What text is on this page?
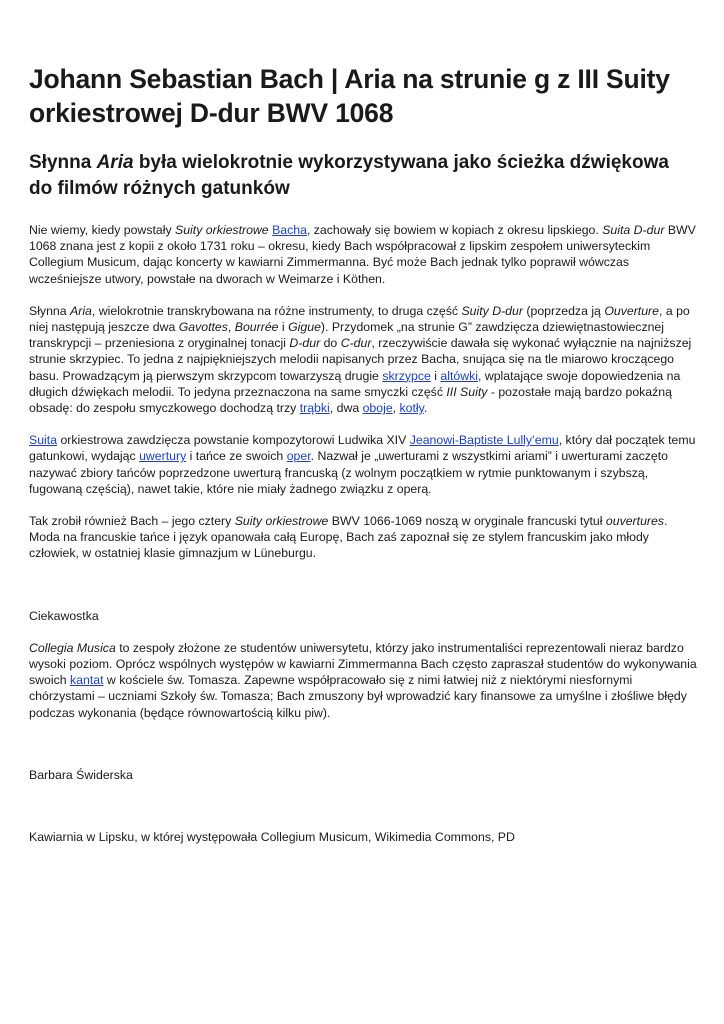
Johann Sebastian Bach | Aria na strunie g z III Suity orkiestrowej D-dur BWV 1068
Słynna Aria była wielokrotnie wykorzystywana jako ścieżka dźwiękowa do filmów różnych gatunków

Nie wiemy, kiedy powstały Suity orkiestrowe Bacha, zachowały się bowiem w kopiach z okresu lipskiego. Suita D-dur BWV 1068 znana jest z kopii z około 1731 roku – okresu, kiedy Bach współpracował z lipskim zespołem uniwersyteckim Collegium Musicum, dając koncerty w kawiarni Zimmermanna. Być może Bach jednak tylko poprawił wówczas wcześniejsze utwory, powstałe na dworach w Weimarze i Köthen.

Słynna Aria, wielokrotnie transkrybowana na różne instrumenty, to druga część Suity D-dur (poprzedza ją Ouverture, a po niej następują jeszcze dwa Gavottes, Bourrée i Gigue). Przydomek „na strunie G” zawdzięcza dziewiętnastowiecznej transkrypcji – przeniesiona z oryginalnej tonacji D-dur do C-dur, rzeczywiście dawała się wykonać wyłącznie na najniższej strunie skrzypiec. To jedna z najpiękniejszych melodii napisanych przez Bacha, snująca się na tle miarowo kroczącego basu. Prowadzącym ją pierwszym skrzypcom towarzyszą drugie skrzypce i altówki, wplatające swoje dopowiedzenia na długich dźwiękach melodii. To jedyna przeznaczona na same smyczki część III Suity - pozostałe mają bardzo pokaźną obsadę: do zespołu smyczkowego dochodzą trzy trąbki, dwa oboje, kotły.

Suita orkiestrowa zawdzięcza powstanie kompozytorowi Ludwika XIV Jeanowi-Baptiste Lully’emu, który dał początek temu gatunkowi, wydając uwertury i tańce ze swoich oper. Nazwał je „uwerturami z wszystkimi ariami” i uwerturami zaczęto nazywać zbiory tańców poprzedzone uwerturą francuską (z wolnym początkiem w rytmie punktowanym i szybszą, fugowaną częścią), nawet takie, które nie miały żadnego związku z operą.

Tak zrobił również Bach – jego cztery Suity orkiestrowe BWV 1066-1069 noszą w oryginale francuski tytuł ouvertures. Moda na francuskie tańce i język opanowała całą Europę, Bach zaś zapoznał się ze stylem francuskim jako młody człowiek, w ostatniej klasie gimnazjum w Lüneburgu.

Ciekawostka

Collegia Musica to zespoły złożone ze studentów uniwersytetu, którzy jako instrumentaliści reprezentowali nieraz bardzo wysoki poziom. Oprócz wspólnych występów w kawiarni Zimmermanna Bach często zapraszał studentów do wykonywania swoich kantat w kościele św. Tomasza. Zapewne współpracowało się z nimi łatwiej niż z niektórymi niesfornymi chórzystami – uczniami Szkoły św. Tomasza; Bach zmuszony był wprowadzić kary finansowe za umyślne i złośliwe błędy podczas wykonania (będące równowartością kilku piw).

Barbara Świderska

Kawiarnia w Lipsku, w której występowała Collegium Musicum, Wikimedia Commons, PD
